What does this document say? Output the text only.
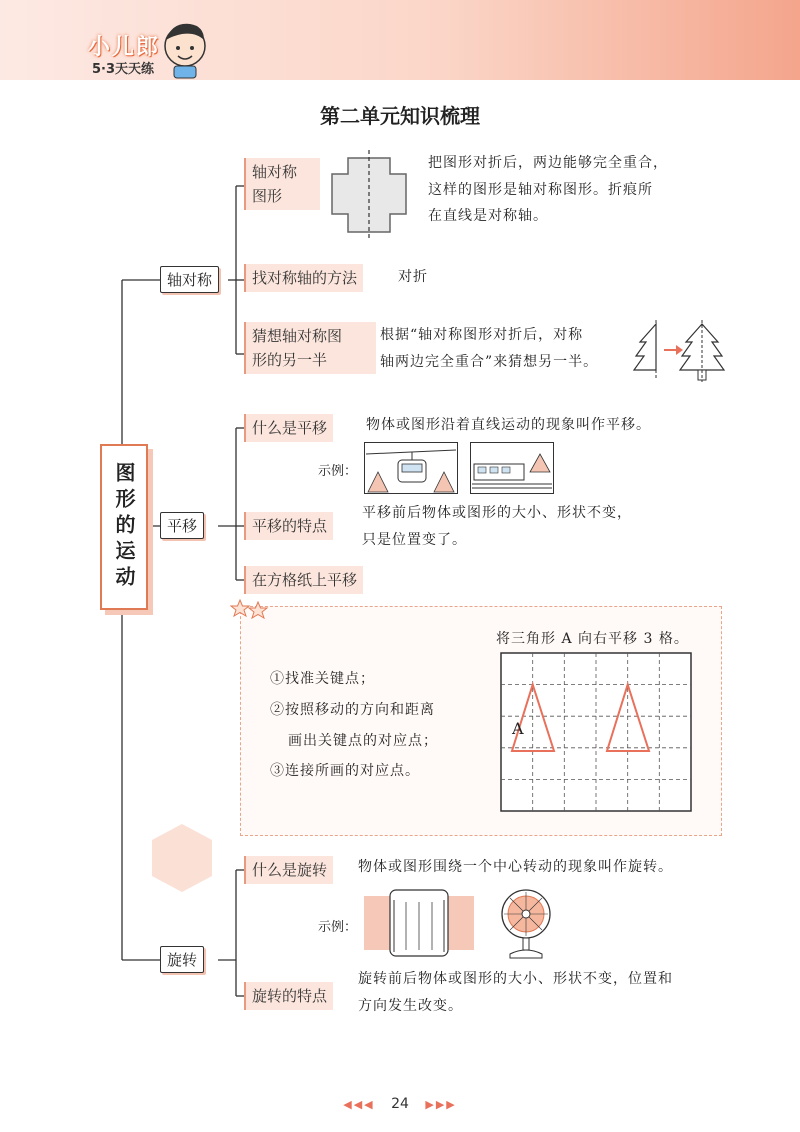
小儿郎
5·3天天练
第二单元知识梳理
图形的运动
轴对称
轴对称
图形
把图形对折后，两边能够完全重合，
这样的图形是轴对称图形。折痕所
在直线是对称轴。
找对称轴的方法	对折
猜想轴对称图
形的另一半
根据“轴对称图形对折后，对称
轴两边完全重合”来猜想另一半。
平移
什么是平移	物体或图形沿着直线运动的现象叫作平移。
示例：
平移的特点
平移前后物体或图形的大小、形状不变，
只是位置变了。
在方格纸上平移
将三角形 A 向右平移 3 格。
①找准关键点；
②按照移动的方向和距离
画出关键点的对应点；
③连接所画的对应点。
A
旋转
什么是旋转	物体或图形围绕一个中心转动的现象叫作旋转。
示例：
旋转的特点
旋转前后物体或图形的大小、形状不变，位置和
方向发生改变。
◀◀◀ 24 ▶▶▶
